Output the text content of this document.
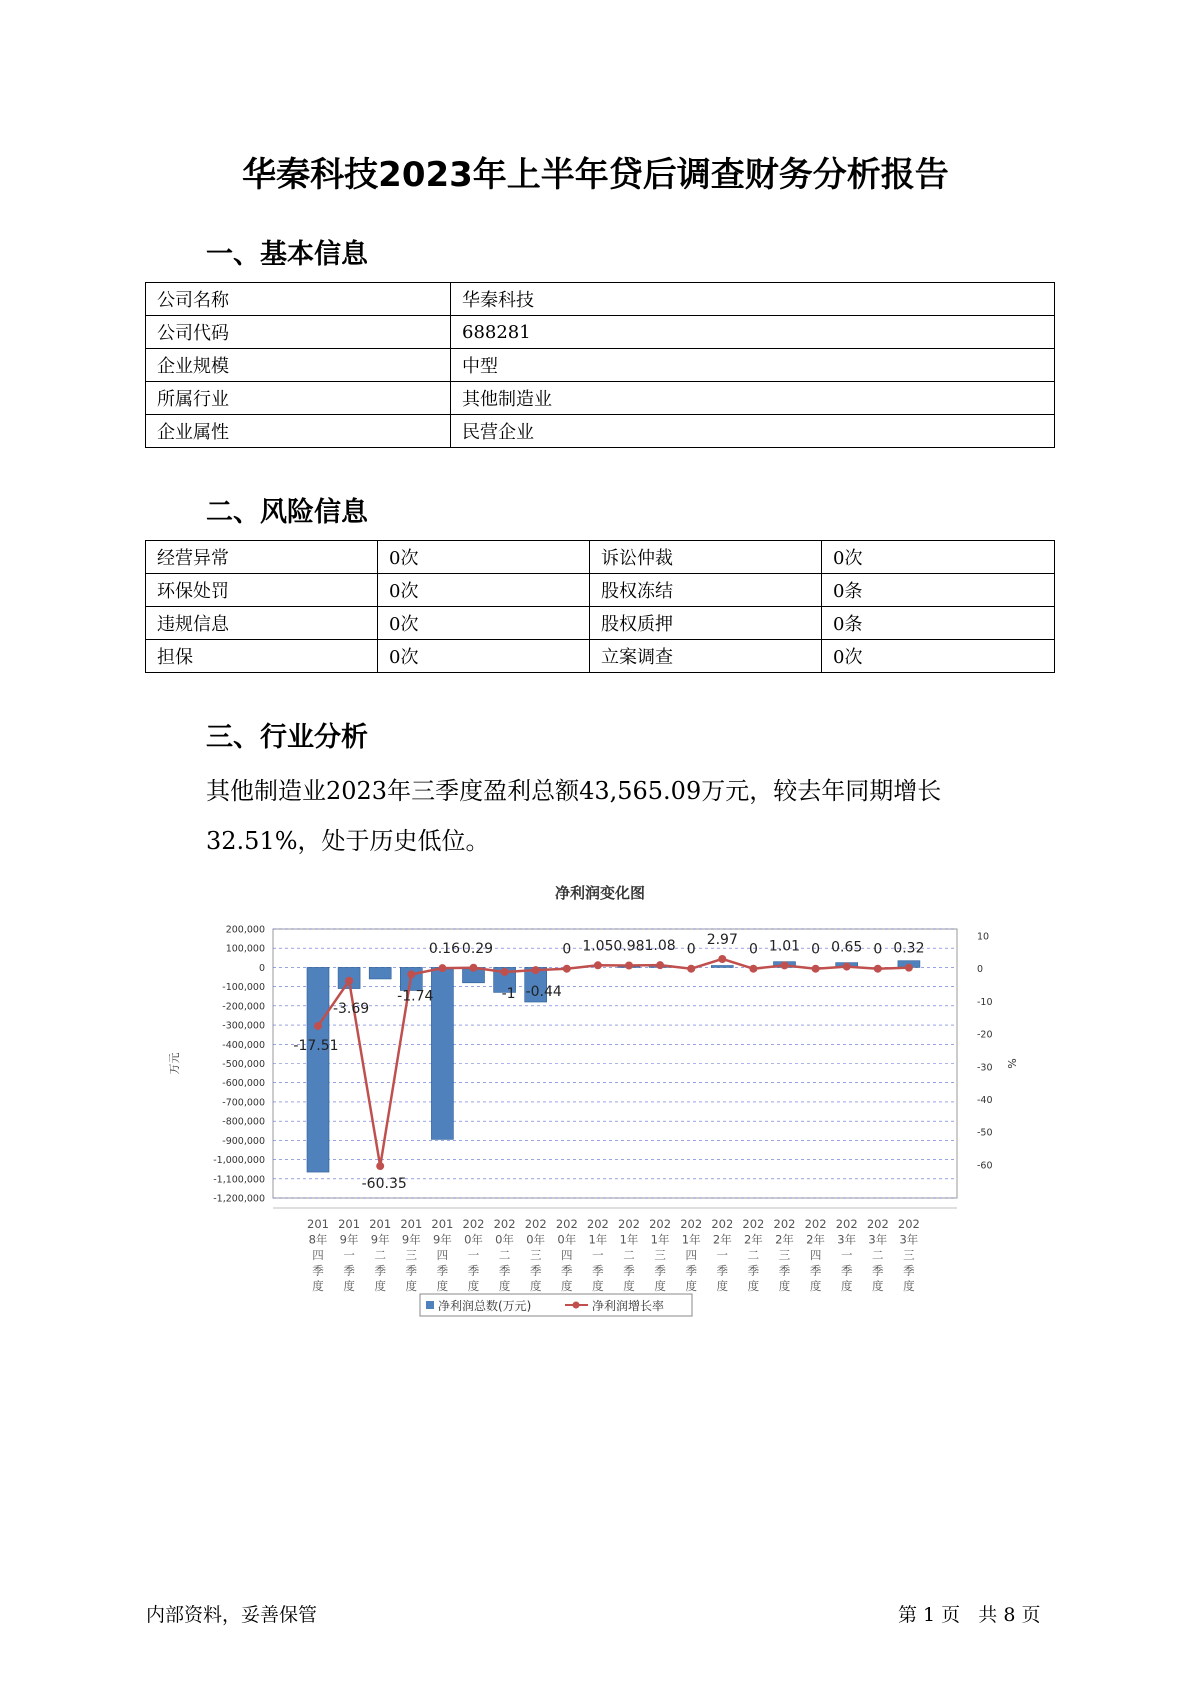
华秦科技2023年上半年贷后调查财务分析报告
一、基本信息
公司名称	华秦科技
公司代码	688281
企业规模	中型
所属行业	其他制造业
企业属性	民营企业
二、风险信息
经营异常	0次	诉讼仲裁	0次
环保处罚	0次	股权冻结	0条
违规信息	0次	股权质押	0条
担保	0次	立案调查	0次
三、行业分析
其他制造业2023年三季度盈利总额43,565.09万元，较去年同期增长32.51%，处于历史低位。
净利润变化图
200,000
100,000
0
-100,000
-200,000
-300,000
-400,000
-500,000
-600,000
-700,000
-800,000
-900,000
-1,000,000
-1,100,000
-1,200,000
10
0
-10
-20
-30
-40
-50
-60
万元	%
-17.51
-3.69
-60.35
-1.74
0.16 0.29
-1 -0.44
0 1.05 0.98 1.08 0
2.97
0 1.01 0 0.65 0 0.32
201
8年
四
季
度
201
9年
一
季
度
201
9年
二
季
度
201
9年
三
季
度
201
9年
四
季
度
202
0年
一
季
度
202
0年
二
季
度
202
0年
三
季
度
202
0年
四
季
度
202
1年
一
季
度
202
1年
二
季
度
202
1年
三
季
度
202
1年
四
季
度
202
2年
一
季
度
202
2年
二
季
度
202
2年
三
季
度
202
2年
四
季
度
202
3年
一
季
度
202
3年
二
季
度
202
3年
三
季
度
净利润总数(万元)	净利润增长率
内部资料，妥善保管	第 1 页   共 8 页
